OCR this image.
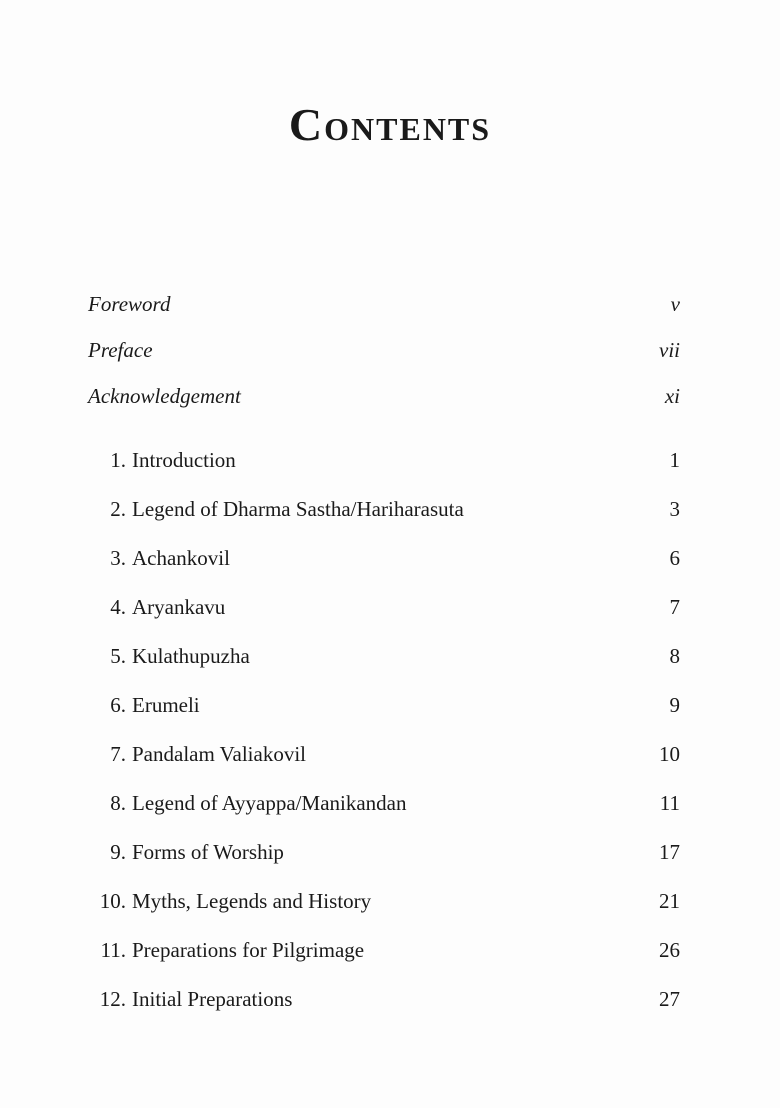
Contents
Foreword	v
Preface	vii
Acknowledgement	xi
1. Introduction	1
2. Legend of Dharma Sastha/Hariharasuta	3
3. Achankovil	6
4. Aryankavu	7
5. Kulathupuzha	8
6. Erumeli	9
7. Pandalam Valiakovil	10
8. Legend of Ayyappa/Manikandan	11
9. Forms of Worship	17
10. Myths, Legends and History	21
11. Preparations for Pilgrimage	26
12. Initial Preparations	27
